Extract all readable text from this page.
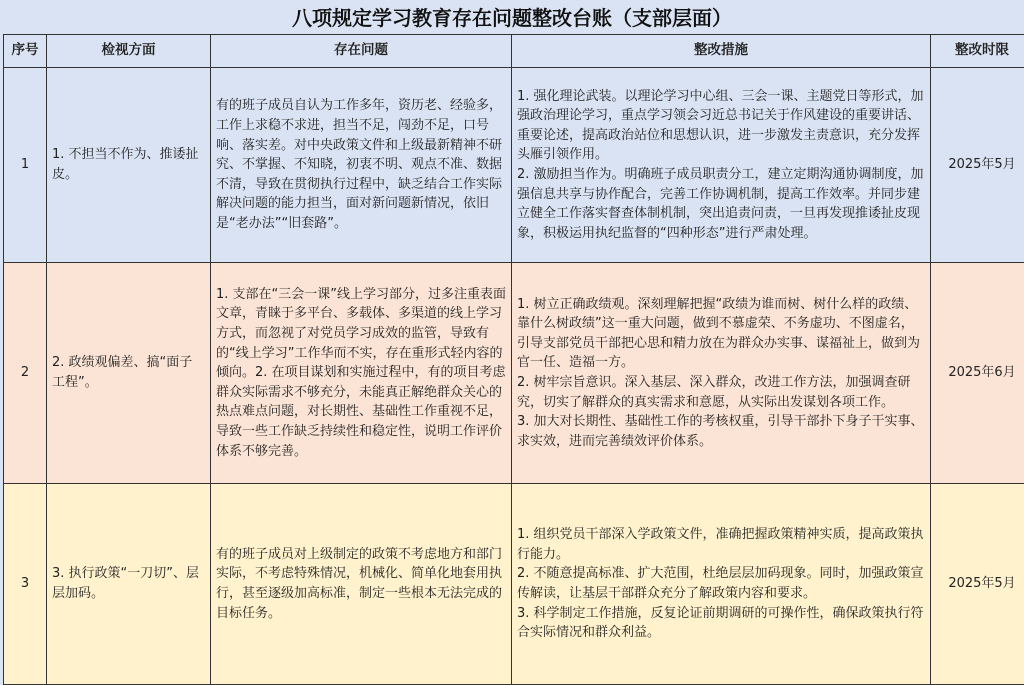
八项规定学习教育存在问题整改台账（支部层面）
序号	检视方面	存在问题	整改措施	整改时限
1	1. 不担当不作为、推诿扯皮。	有的班子成员自认为工作多年，资历老、经验多，工作上求稳不求进，担当不足，闯劲不足，口号响、落实差。对中央政策文件和上级最新精神不研究、不掌握、不知晓，初衷不明、观点不准、数据不清，导致在贯彻执行过程中，缺乏结合工作实际解决问题的能力担当，面对新问题新情况，依旧是“老办法”“旧套路”。	1. 强化理论武装。以理论学习中心组、三会一课、主题党日等形式，加强政治理论学习，重点学习领会习近总书记关于作风建设的重要讲话、重要论述，提高政治站位和思想认识，进一步激发主责意识，充分发挥头雁引领作用。
2. 激励担当作为。明确班子成员职责分工，建立定期沟通协调制度，加强信息共享与协作配合，完善工作协调机制，提高工作效率。并同步建立健全工作落实督查体制机制，突出追责问责，一旦再发现推诿扯皮现象，积极运用执纪监督的“四种形态”进行严肃处理。	2025年5月
2	2. 政绩观偏差、搞“面子工程”。	1. 支部在“三会一课”线上学习部分，过多注重表面文章，青睐于多平台、多载体、多渠道的线上学习方式，而忽视了对党员学习成效的监管，导致有的“线上学习”工作华而不实，存在重形式轻内容的倾向。2. 在项目谋划和实施过程中，有的项目考虑群众实际需求不够充分，未能真正解绝群众关心的热点难点问题，对长期性、基础性工作重视不足，导致一些工作缺乏持续性和稳定性，说明工作评价体系不够完善。	1. 树立正确政绩观。深刻理解把握“政绩为谁而树、树什么样的政绩、靠什么树政绩”这一重大问题，做到不慕虚荣、不务虚功、不图虚名，引导支部党员干部把心思和精力放在为群众办实事、谋福祉上，做到为官一任、造福一方。
2. 树牢宗旨意识。深入基层、深入群众，改进工作方法，加强调查研究，切实了解群众的真实需求和意愿，从实际出发谋划各项工作。
3. 加大对长期性、基础性工作的考核权重，引导干部扑下身子干实事、求实效，进而完善绩效评价体系。	2025年6月
3	3. 执行政策“一刀切”、层层加码。	有的班子成员对上级制定的政策不考虑地方和部门实际，不考虑特殊情况，机械化、简单化地套用执行，甚至逐级加高标准，制定一些根本无法完成的目标任务。	1. 组织党员干部深入学政策文件，准确把握政策精神实质，提高政策执行能力。
2. 不随意提高标准、扩大范围，杜绝层层加码现象。同时，加强政策宣传解读，让基层干部群众充分了解政策内容和要求。
3. 科学制定工作措施，反复论证前期调研的可操作性，确保政策执行符合实际情况和群众利益。	2025年5月
